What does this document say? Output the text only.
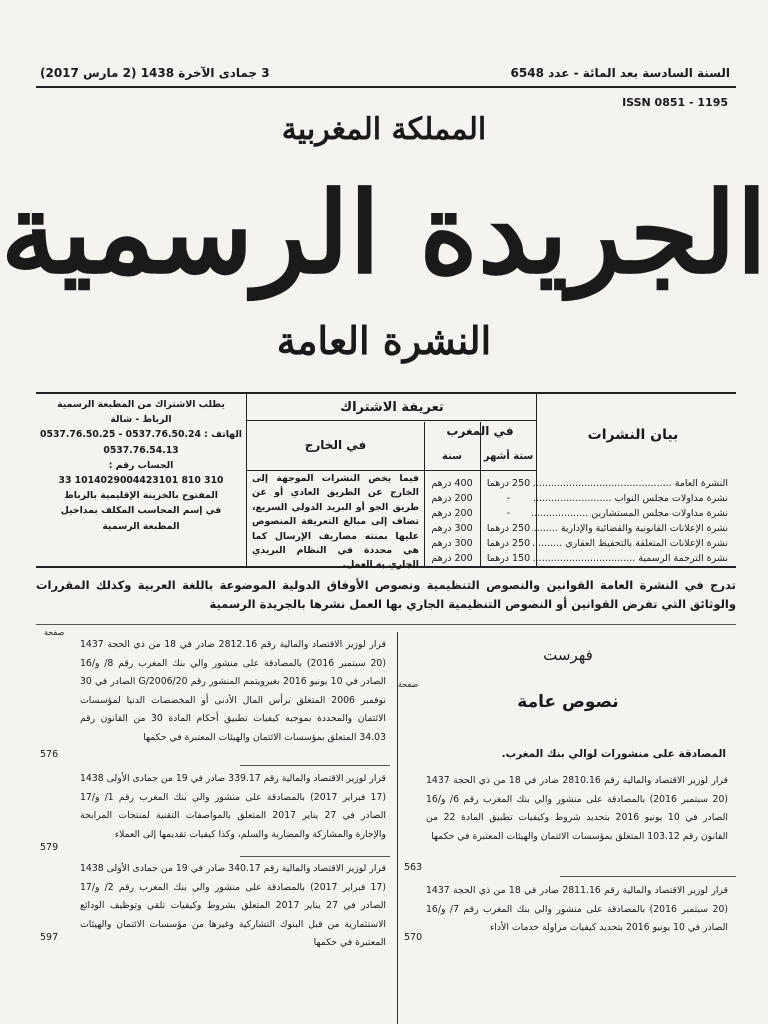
السنة السادسة بعد المائة - عدد 6548
3 جمادى الآخرة 1438 (2 مارس 2017)
ISSN 0851 - 1195
المملكة المغربية
الجريدة الرسمية
النشرة العامة
بيان النشرات
النشرة العامة .....
نشرة مداولات مجلس النواب .....
نشرة مداولات مجلس المستشارين .....
نشرة الإعلانات القانونية والقضائية والإدارية .....
نشرة الإعلانات المتعلقة بالتحفيظ العقاري .....
نشرة الترجمة الرسمية .....
تعريفة الاشتراك
في المغرب
في الخارج
ستة أشهر
سنة
250 درهما
-
-
250 درهما
250 درهما
150 درهما
400 درهم
200 درهم
200 درهم
300 درهم
300 درهم
200 درهم
فيما يخص النشرات الموجهة إلى الخارج عن الطريق العادي أو عن طريق الجو أو البريد الدولي السريع، تضاف إلى مبالغ التعريفة المنصوص عليها بمنته مصاريف الإرسال كما هي محددة في النظام البريدي الجاري به العمل.
يطلب الاشتراك من المطبعة الرسمية
الرباط - شالة
الهاتف : 0537.76.50.24 - 0537.76.50.25
0537.76.54.13
الحساب رقم :
310 810 1014029004423101 33
المفتوح بالخزينة الإقليمية بالرباط
في إسم المحاسب المكلف بمداخيل
المطبعة الرسمية
تدرج في النشرة العامة القوانين والنصوص التنظيمية ونصوص الأوفاق الدولية الموضوعة باللغة العربية وكذلك المقررات والوثائق التي تفرض القوانين أو النصوص التنظيمية الجاري بها العمل نشرها بالجريدة الرسمية
صفحة
صفحة
فهرست
نصوص عامة
المصادقة على منشورات لوالي بنك المغرب.
قرار لوزير الاقتصاد والمالية رقم 2810.16 صادر في 18 من ذي الحجة 1437 (20 سبتمبر 2016) بالمصادقة على منشور والي بنك المغرب رقم 6/ و/16 الصادر في 10 يونيو 2016 بتحديد شروط وكيفيات تطبيق المادة 22 من القانون رقم 103.12 المتعلق بمؤسسات الائتمان والهيئات المعتبرة في حكمها
563
قرار لوزير الاقتصاد والمالية رقم 2811.16 صادر في 18 من ذي الحجة 1437 (20 سبتمبر 2016) بالمصادقة على منشور والي بنك المغرب رقم 7/ و/16 الصادر في 10 يونيو 2016 بتحديد كيفيات مزاولة خدمات الأداء
570
قرار لوزير الاقتصاد والمالية رقم 2812.16 صادر في 18 من ذي الحجة 1437 (20 سبتمبر 2016) بالمصادقة على منشور والي بنك المغرب رقم 8/ و/16 الصادر في 10 يونيو 2016 بغيرويتمم المنشور رقم 20/G/2006 الصادر في 30 نوفمبر 2006 المتعلق برأس المال الأدنى أو المخصصات الدنيا لمؤسسات الائتمان والمحددة بموجبه كيفيات تطبيق أحكام المادة 30 من القانون رقم 34.03 المتعلق بمؤسسات الائتمان والهيئات المعتبرة في حكمها
576
قرار لوزير الاقتصاد والمالية رقم 339.17 صادر في 19 من جمادى الأولى 1438 (17 فبراير 2017) بالمصادقة على منشور والي بنك المغرب رقم 1/ و/17 الصادر في 27 يناير 2017 المتعلق بالمواصفات التقنية لمنتجات المرابحة والإجارة والمشاركة والمضاربة والسلم، وكذا كيفيات تقديمها إلى العملاء
579
قرار لوزير الاقتصاد والمالية رقم 340.17 صادر في 19 من جمادى الأولى 1438 (17 فبراير 2017) بالمصادقة على منشور والي بنك المغرب رقم 2/ و/17 الصادر في 27 يناير 2017 المتعلق بشروط وكيفيات تلقي وتوظيف الودائع الاستثمارية من قبل البنوك التشاركية وغيرها من مؤسسات الائتمان والهيئات المعتبرة في حكمها
597
